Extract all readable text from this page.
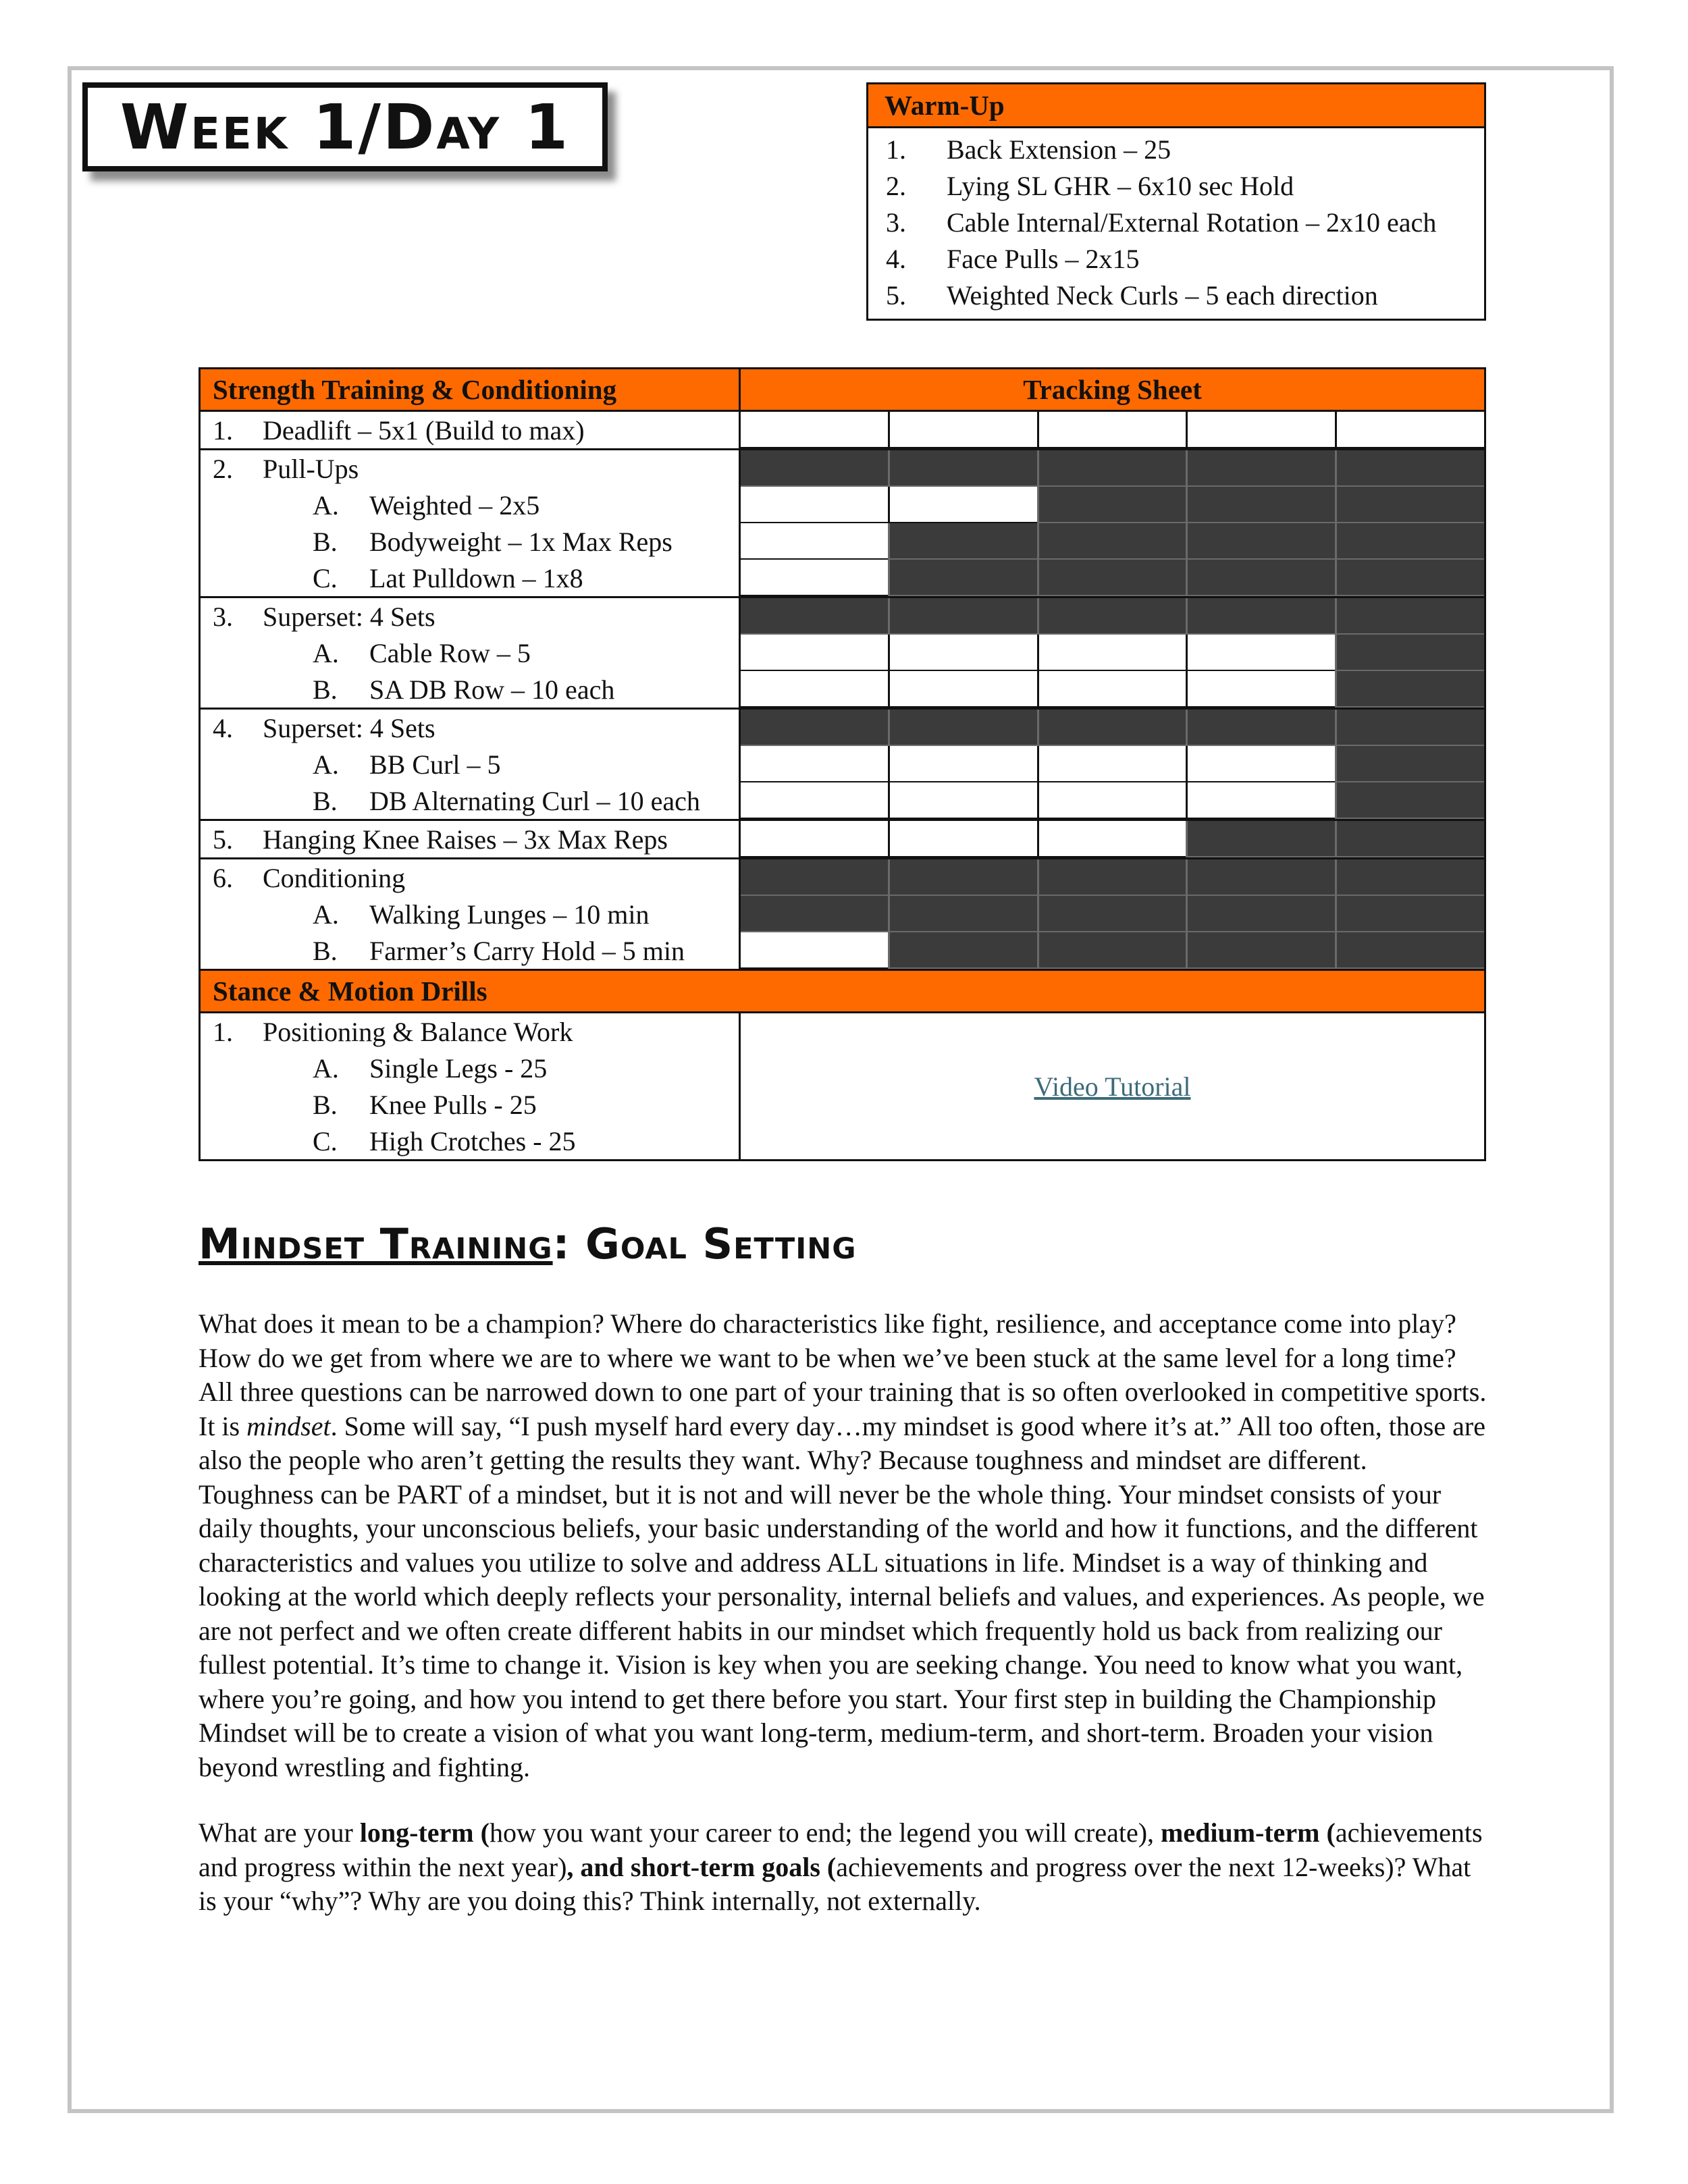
Week 1/Day 1	Warm-Up
1.	Back Extension – 25
2.	Lying SL GHR – 6x10 sec Hold
3.	Cable Internal/External Rotation – 2x10 each
4.	Face Pulls – 2x15
5.	Weighted Neck Curls – 5 each direction
Strength Training & Conditioning	Tracking Sheet
1.	Deadlift – 5x1 (Build to max)
2.	Pull-Ups
A.	Weighted – 2x5
B.	Bodyweight – 1x Max Reps
C.	Lat Pulldown – 1x8
3.	Superset: 4 Sets
A.	Cable Row – 5
B.	SA DB Row – 10 each
4.	Superset: 4 Sets
A.	BB Curl – 5
B.	DB Alternating Curl – 10 each
5.	Hanging Knee Raises – 3x Max Reps
6.	Conditioning
A.	Walking Lunges – 10 min
B.	Farmer’s Carry Hold – 5 min
Stance & Motion Drills
1.	Positioning & Balance Work
A.	Single Legs - 25
B.	Knee Pulls - 25
C.	High Crotches - 25
Video Tutorial
Mindset Training: Goal Setting
What does it mean to be a champion? Where do characteristics like fight, resilience, and acceptance come into play? How do we get from where we are to where we want to be when we’ve been stuck at the same level for a long time? All three questions can be narrowed down to one part of your training that is so often overlooked in competitive sports. It is mindset. Some will say, “I push myself hard every day…my mindset is good where it’s at.” All too often, those are also the people who aren’t getting the results they want. Why? Because toughness and mindset are different. Toughness can be PART of a mindset, but it is not and will never be the whole thing. Your mindset consists of your daily thoughts, your unconscious beliefs, your basic understanding of the world and how it functions, and the different characteristics and values you utilize to solve and address ALL situations in life. Mindset is a way of thinking and looking at the world which deeply reflects your personality, internal beliefs and values, and experiences. As people, we are not perfect and we often create different habits in our mindset which frequently hold us back from realizing our fullest potential. It’s time to change it. Vision is key when you are seeking change. You need to know what you want, where you’re going, and how you intend to get there before you start. Your first step in building the Championship Mindset will be to create a vision of what you want long-term, medium-term, and short-term. Broaden your vision beyond wrestling and fighting.
What are your long-term (how you want your career to end; the legend you will create), medium-term (achievements and progress within the next year), and short-term goals (achievements and progress over the next 12-weeks)? What is your “why”? Why are you doing this? Think internally, not externally.
